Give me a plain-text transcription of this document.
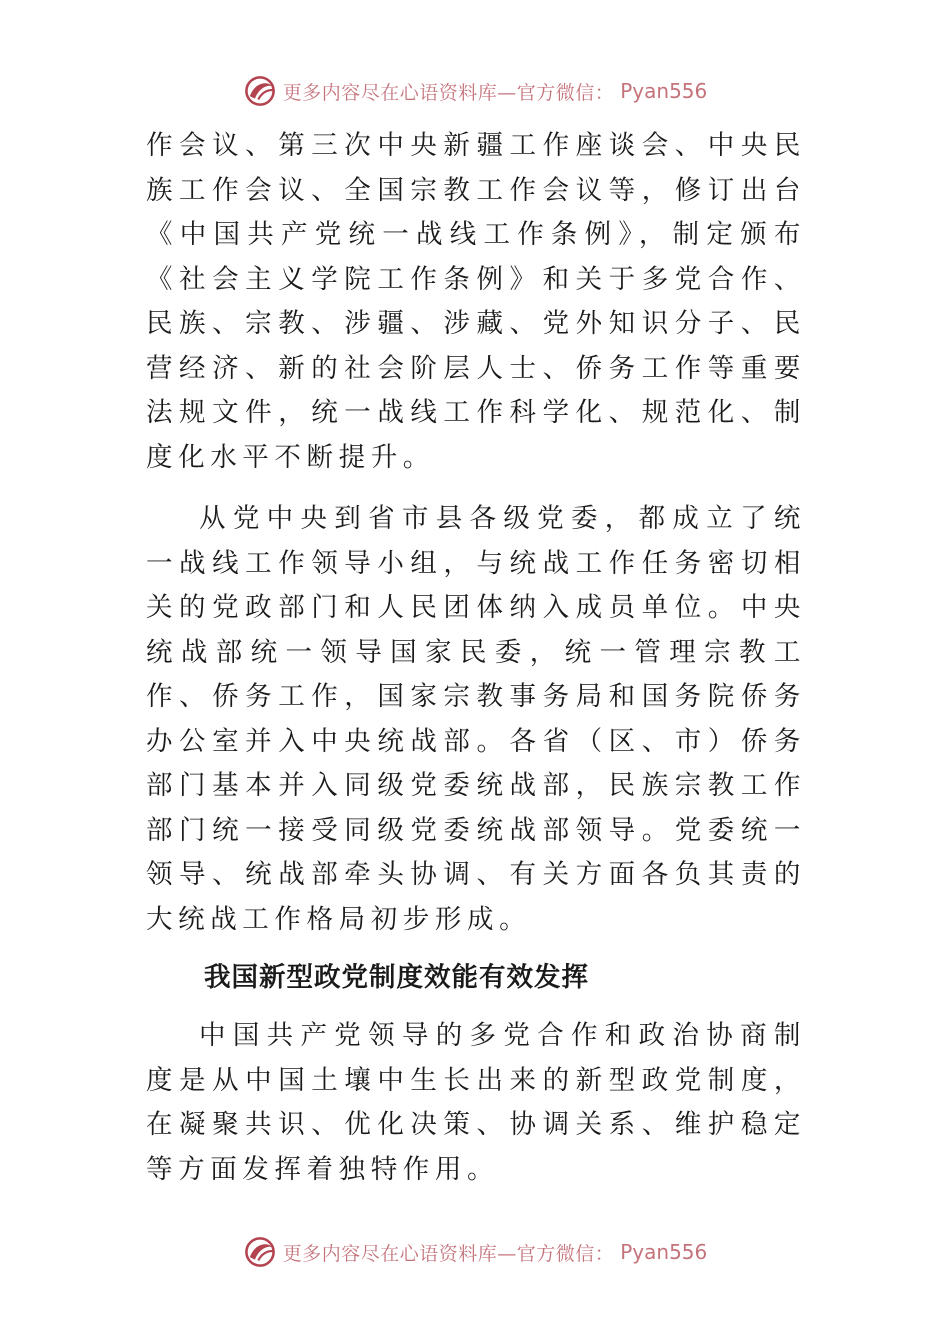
更多内容尽在心语资料库—官方微信： Pyan556

作会议、第三次中央新疆工作座谈会、中央民族工作会议、全国宗教工作会议等，修订出台《中国共产党统一战线工作条例》，制定颁布《社会主义学院工作条例》和关于多党合作、民族、宗教、涉疆、涉藏、党外知识分子、民营经济、新的社会阶层人士、侨务工作等重要法规文件，统一战线工作科学化、规范化、制度化水平不断提升。

从党中央到省市县各级党委，都成立了统一战线工作领导小组，与统战工作任务密切相关的党政部门和人民团体纳入成员单位。中央统战部统一领导国家民委，统一管理宗教工作、侨务工作，国家宗教事务局和国务院侨务办公室并入中央统战部。各省（区、市）侨务部门基本并入同级党委统战部，民族宗教工作部门统一接受同级党委统战部领导。党委统一领导、统战部牵头协调、有关方面各负其责的大统战工作格局初步形成。

我国新型政党制度效能有效发挥

中国共产党领导的多党合作和政治协商制度是从中国土壤中生长出来的新型政党制度，在凝聚共识、优化决策、协调关系、维护稳定等方面发挥着独特作用。

更多内容尽在心语资料库—官方微信： Pyan556
